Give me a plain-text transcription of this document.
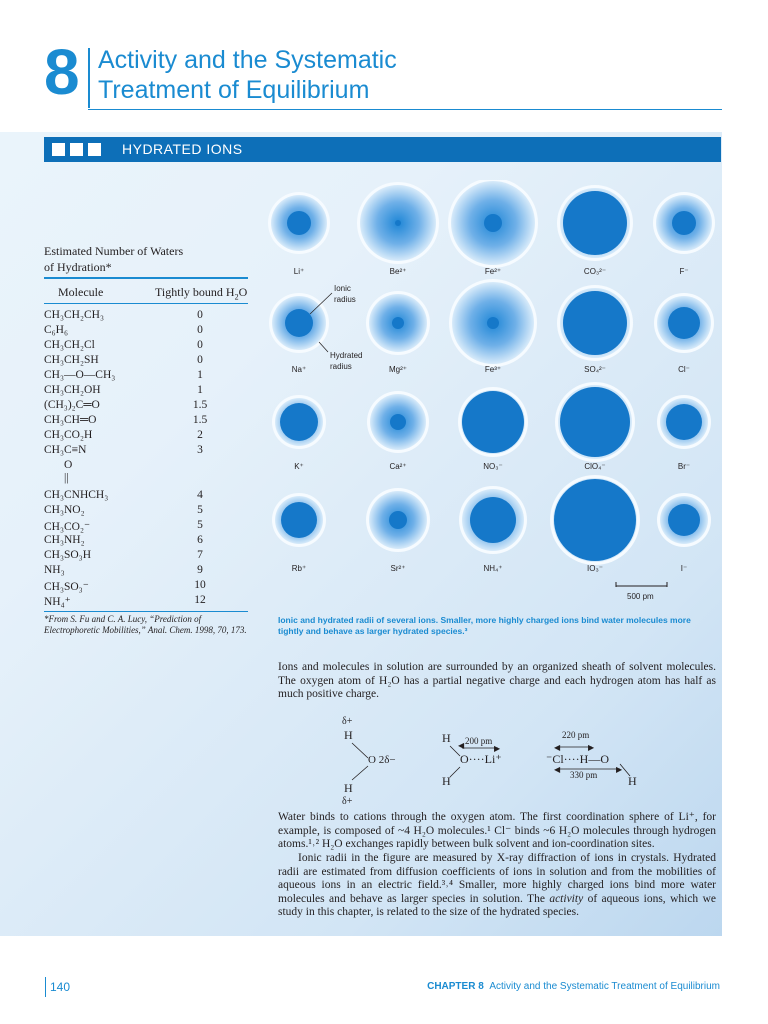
8 Activity and the Systematic
Treatment of Equilibrium
HYDRATED IONS
Estimated Number of Waters
of Hydration*
Molecule	Tightly bound $H_2O$
CH₃CH₂CH₃	0
C₆H₆	0
CH₃CH₂Cl	0
CH₃CH₂SH	0
CH₃—O—CH₃	1
CH₃CH₂OH	1
(CH₃)₂C═O	1.5
CH₃CH═O	1.5
CH₃CO₂H	2
CH₃C≡N	3
O
||
CH₃CNHCH₃	4
CH₃NO₂	5
CH₃CO₂⁻	5
CH₃NH₂	6
CH₃SO₃H	7
NH₃	9
CH₃SO₃⁻	10
NH₄⁺	12
*From S. Fu and C. A. Lucy, “Prediction of Electrophoretic Mobilities,” Anal. Chem. 1998, 70, 173.
Li⁺	Be²⁺	Fe²⁺	CO₃²⁻	F⁻
Na⁺	Mg²⁺	Fe³⁺	SO₄²⁻	Cl⁻
K⁺	Ca²⁺	NO₃⁻	ClO₄⁻	Br⁻
Rb⁺	Sr²⁺	NH₄⁺	IO₃⁻	I⁻
Ionic
radius
Hydrated
radius
500 pm
Ionic and hydrated radii of several ions. Smaller, more highly charged ions bind water molecules more tightly and behave as larger hydrated species.³
Ions and molecules in solution are surrounded by an organized sheath of solvent molecules. The oxygen atom of H₂O has a partial negative charge and each hydrogen atom has half as much positive charge.
δ+
H
O 2δ−
H
δ+
H 200 pm
◀	▶
O····Li⁺
H
220 pm
◀	▶
⁻Cl····H—O
◀	▶
330 pm	H
Water binds to cations through the oxygen atom. The first coordination sphere of Li⁺, for example, is composed of ~4 H₂O molecules.¹ Cl⁻ binds ~6 H₂O molecules through hydrogen atoms.¹˒² H₂O exchanges rapidly between bulk solvent and ion-coordination sites.
Ionic radii in the figure are measured by X-ray diffraction of ions in crystals. Hydrated radii are estimated from diffusion coefficients of ions in solution and from the mobilities of aqueous ions in an electric field.³˒⁴ Smaller, more highly charged ions bind more water molecules and behave as larger species in solution. The activity of aqueous ions, which we study in this chapter, is related to the size of the hydrated species.
140	CHAPTER 8 Activity and the Systematic Treatment of Equilibrium
